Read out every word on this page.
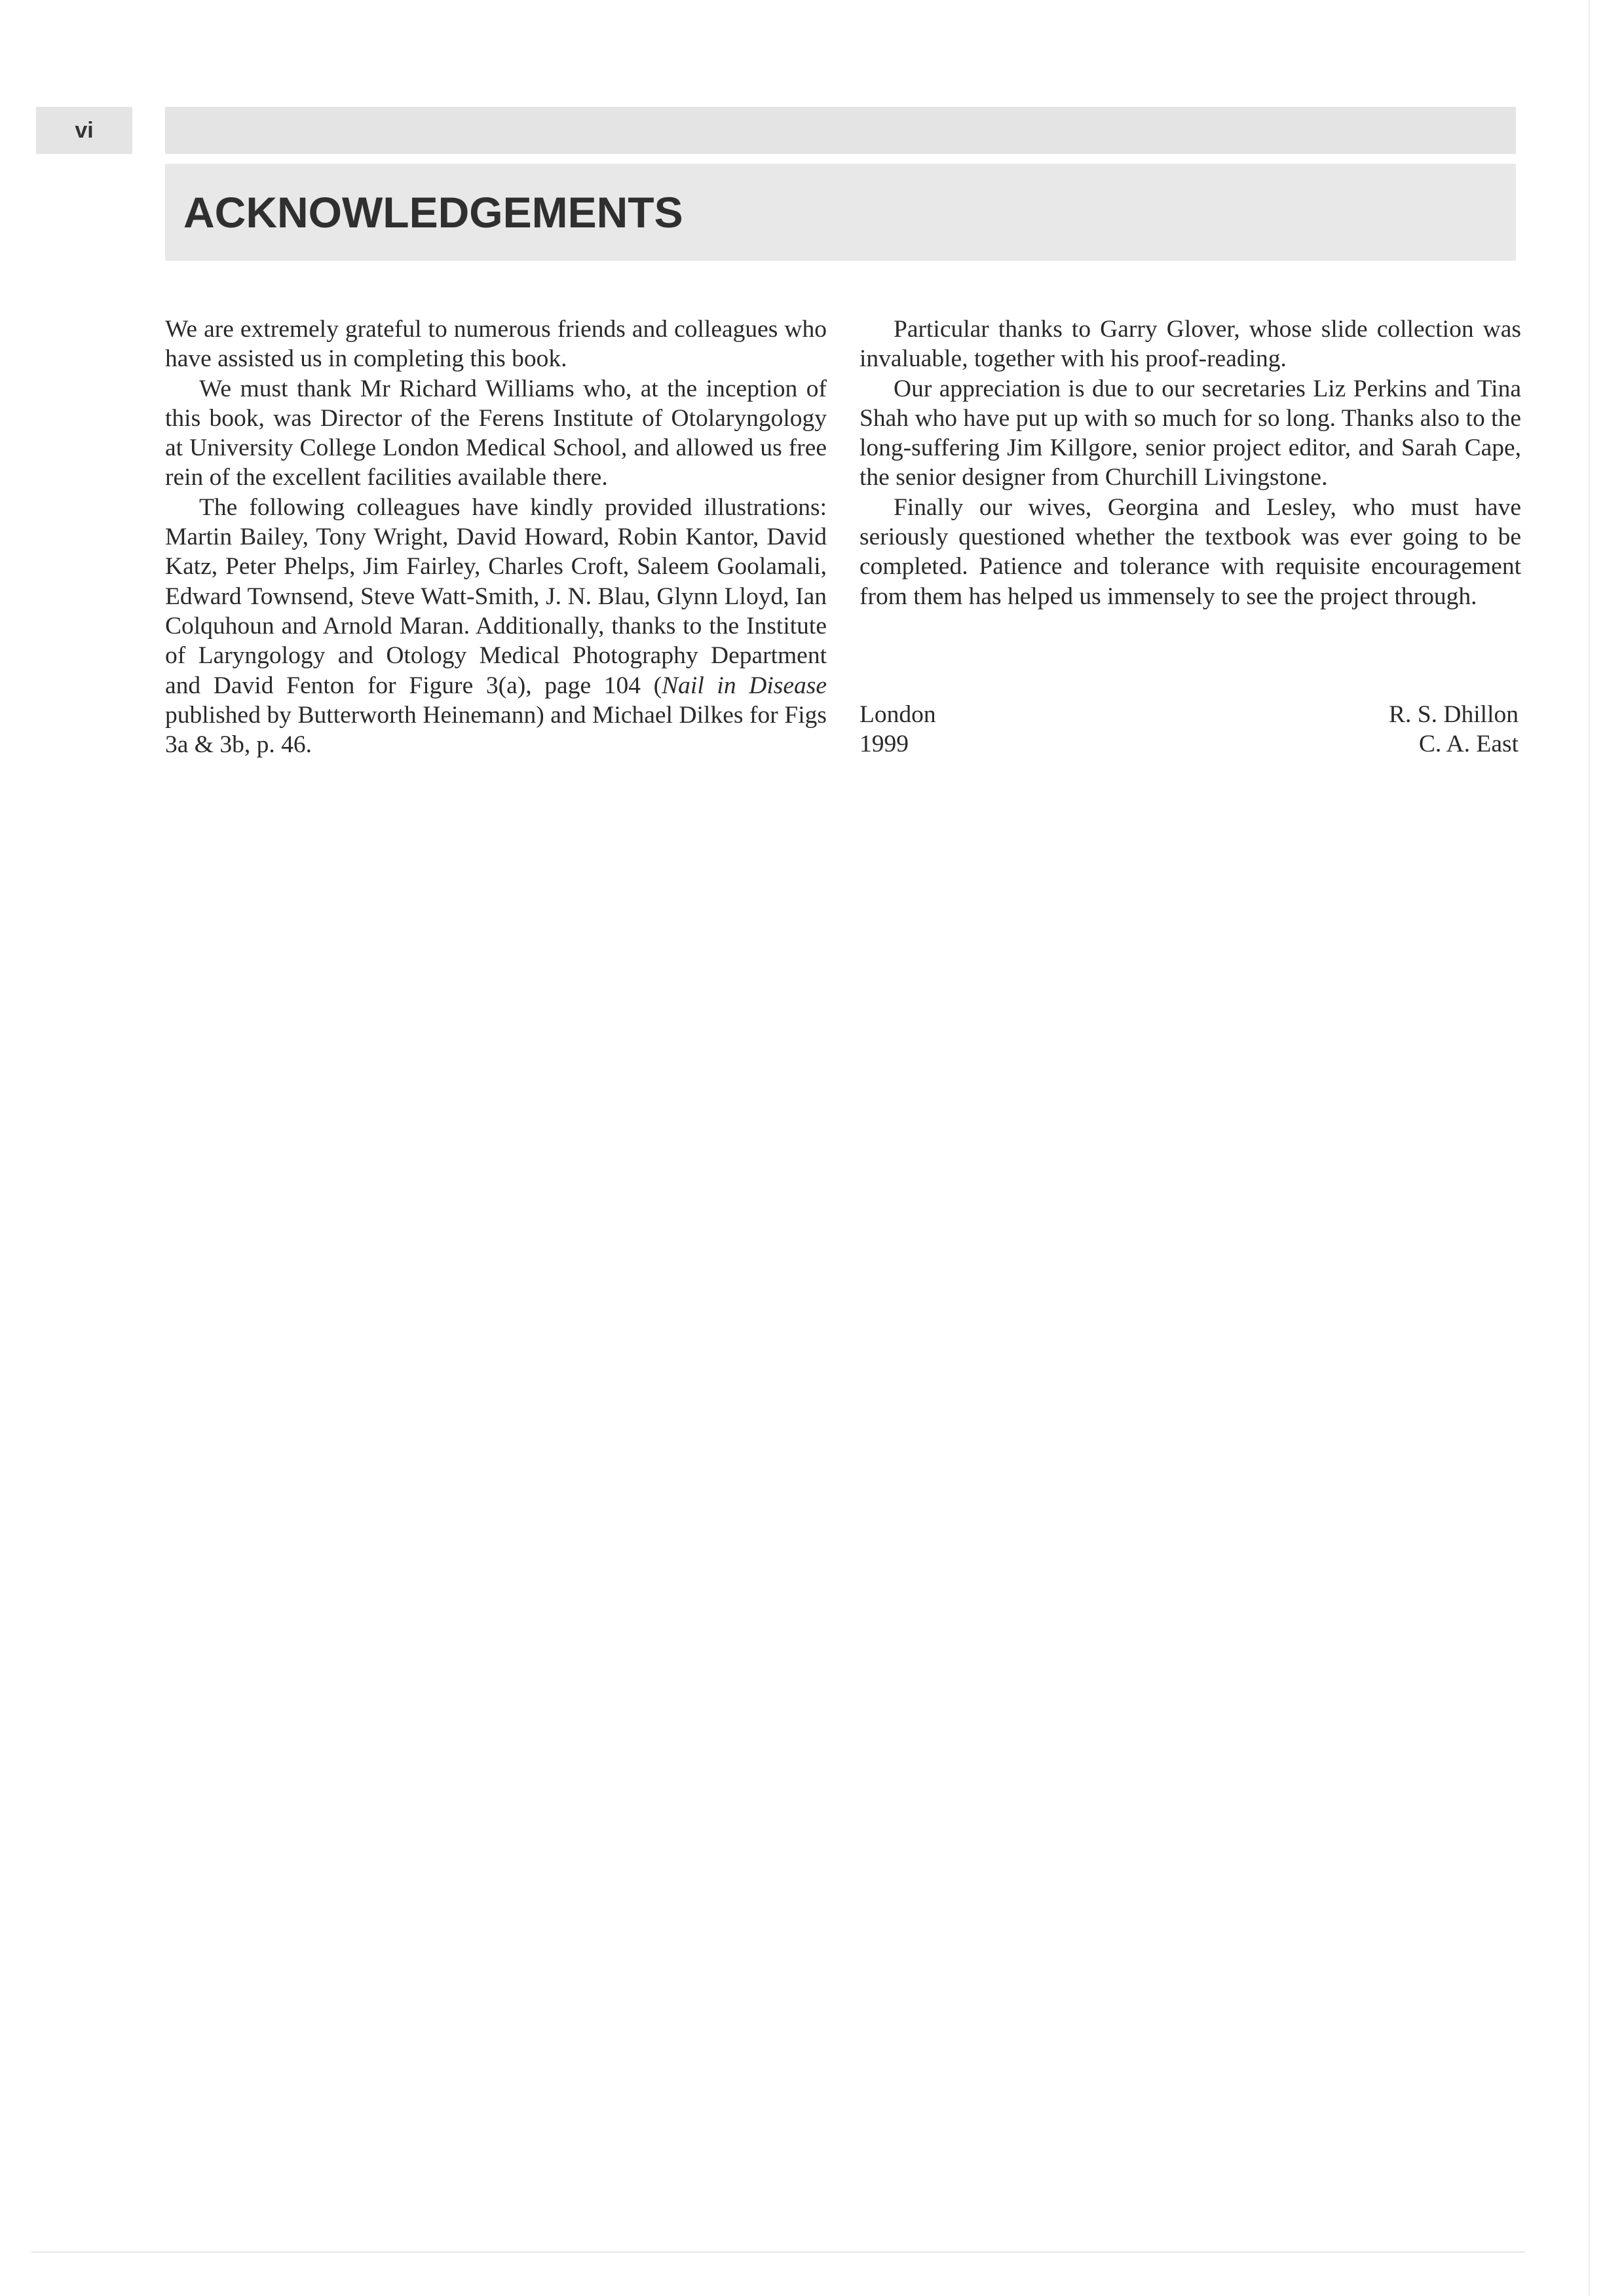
vi
ACKNOWLEDGEMENTS

We are extremely grateful to numerous friends and colleagues who have assisted us in completing this book.

We must thank Mr Richard Williams who, at the inception of this book, was Director of the Ferens Institute of Otolaryngology at University College London Medical School, and allowed us free rein of the excellent facilities available there.

The following colleagues have kindly provided illustrations: Martin Bailey, Tony Wright, David Howard, Robin Kantor, David Katz, Peter Phelps, Jim Fairley, Charles Croft, Saleem Goolamali, Edward Townsend, Steve Watt-Smith, J. N. Blau, Glynn Lloyd, Ian Colquhoun and Arnold Maran. Additionally, thanks to the Institute of Laryngology and Otology Medical Photography Department and David Fenton for Figure 3(a), page 104 (Nail in Disease published by Butterworth Heinemann) and Michael Dilkes for Figs 3a & 3b, p. 46.

Particular thanks to Garry Glover, whose slide collection was invaluable, together with his proof-reading.

Our appreciation is due to our secretaries Liz Perkins and Tina Shah who have put up with so much for so long. Thanks also to the long-suffering Jim Killgore, senior project editor, and Sarah Cape, the senior designer from Churchill Livingstone.

Finally our wives, Georgina and Lesley, who must have seriously questioned whether the textbook was ever going to be completed. Patience and tolerance with requisite encouragement from them has helped us immensely to see the project through.

London
1999
R. S. Dhillon
C. A. East
